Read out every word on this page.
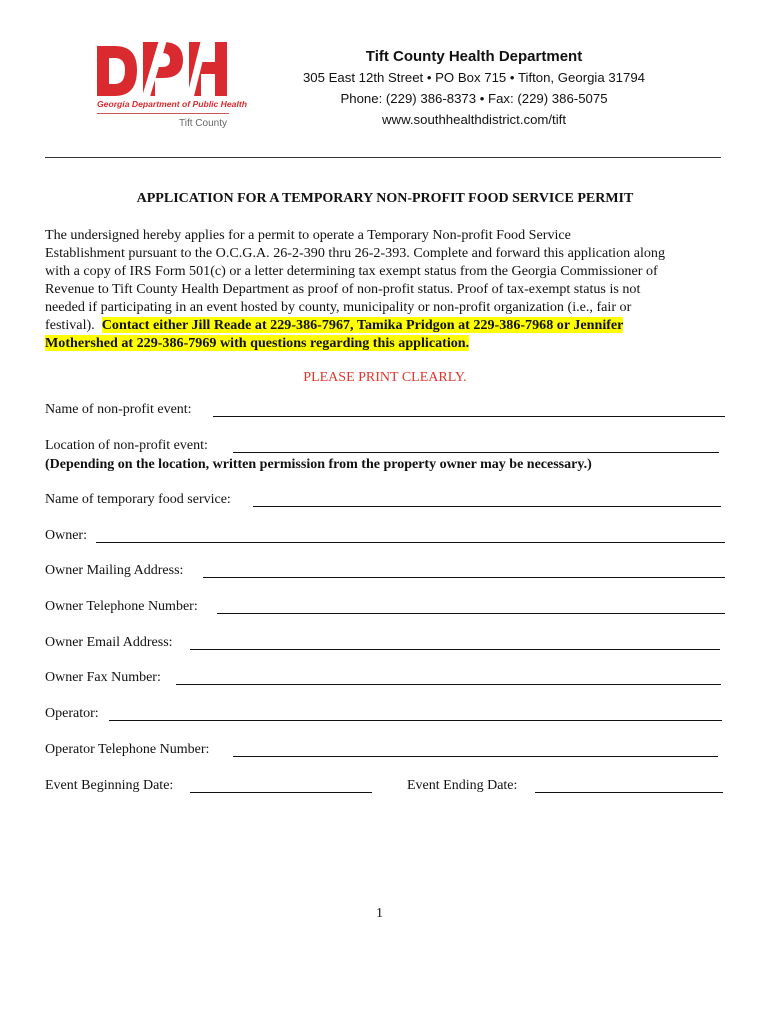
Georgia Department of Public Health
Tift County
Tift County Health Department
305 East 12th Street • PO Box 715 • Tifton, Georgia 31794
Phone: (229) 386-8373 • Fax: (229) 386-5075
www.southhealthdistrict.com/tift
APPLICATION FOR A TEMPORARY NON-PROFIT FOOD SERVICE PERMIT
The undersigned hereby applies for a permit to operate a Temporary Non-profit Food Service
Establishment pursuant to the O.C.G.A. 26-2-390 thru 26-2-393. Complete and forward this application along
with a copy of IRS Form 501(c) or a letter determining tax exempt status from the Georgia Commissioner of
Revenue to Tift County Health Department as proof of non-profit status. Proof of tax-exempt status is not
needed if participating in an event hosted by county, municipality or non-profit organization (i.e., fair or
festival).  Contact either Jill Reade at 229-386-7967, Tamika Pridgon at 229-386-7968 or Jennifer
Mothershed at 229-386-7969 with questions regarding this application.
PLEASE PRINT CLEARLY.
Name of non-profit event:
Location of non-profit event:
(Depending on the location, written permission from the property owner may be necessary.)
Name of temporary food service:
Owner:
Owner Mailing Address:
Owner Telephone Number:
Owner Email Address:
Owner Fax Number:
Operator:
Operator Telephone Number:
Event Beginning Date:	Event Ending Date:
1
